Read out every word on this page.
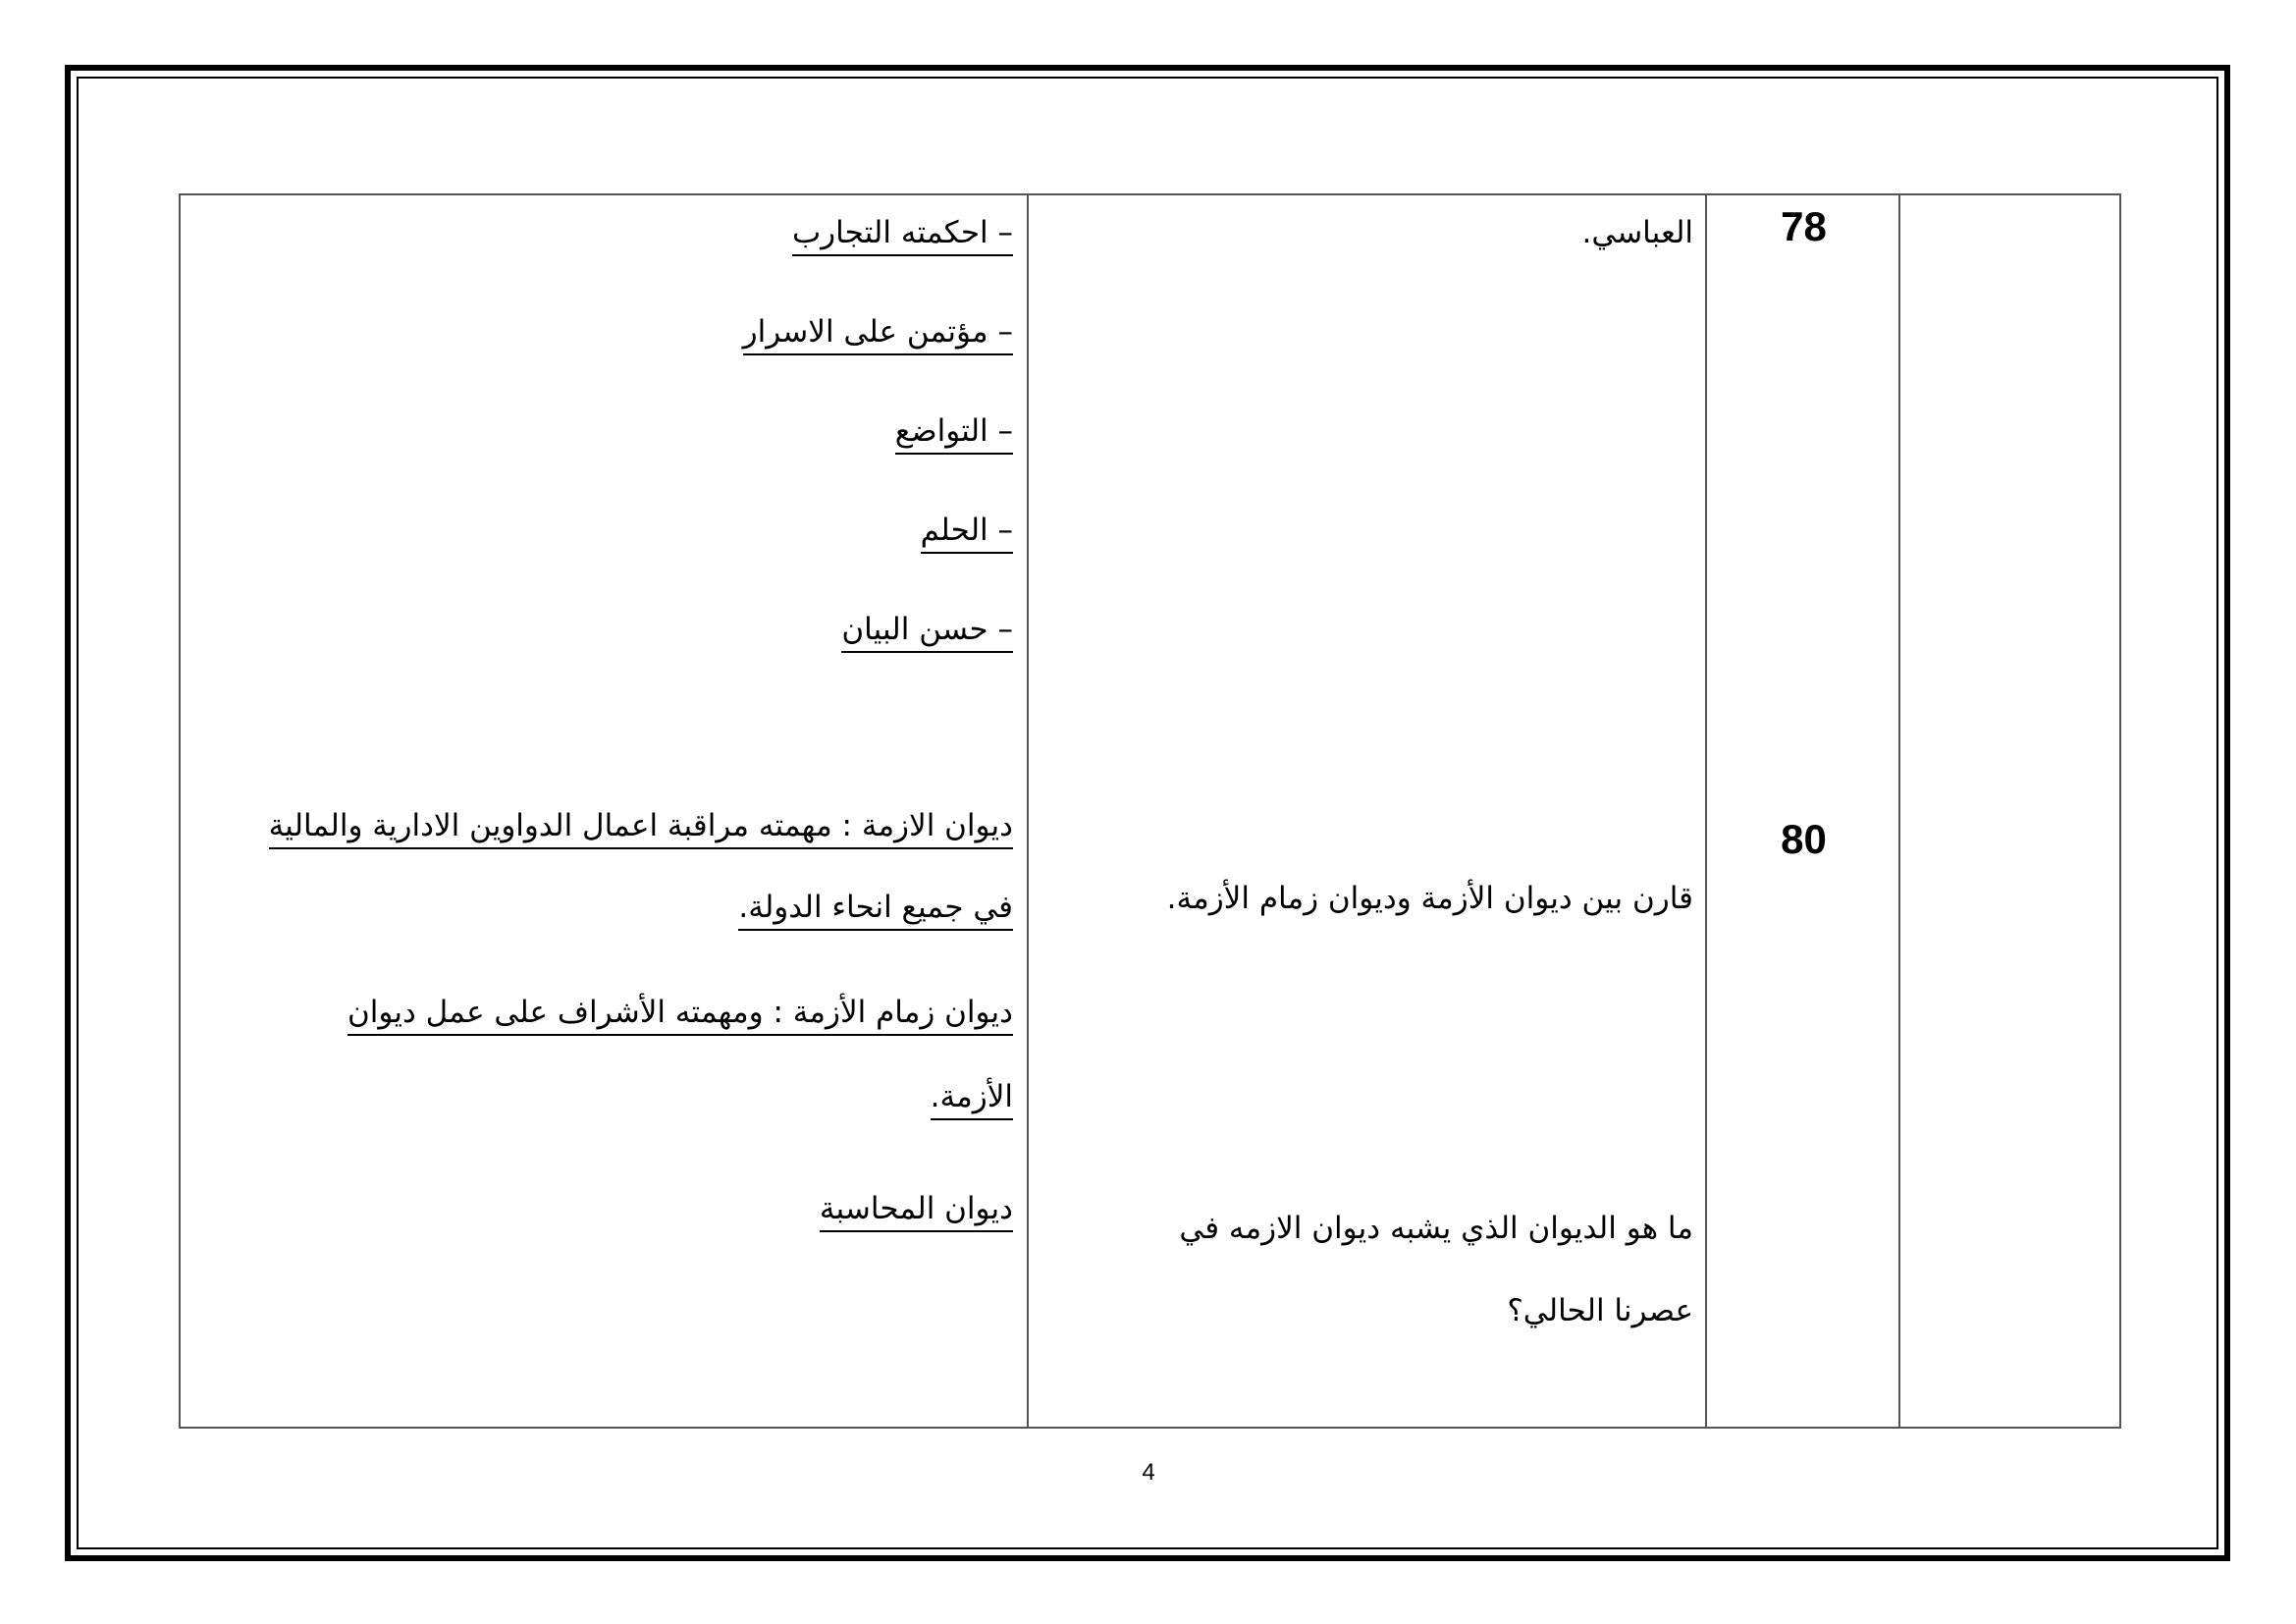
78
80
العباسي.
قارن بين ديوان الأزمة وديوان زمام الأزمة.
ما هو الديوان الذي يشبه ديوان الازمه في
عصرنا الحالي؟
– احكمته التجارب
– مؤتمن على الاسرار
– التواضع
– الحلم
– حسن البيان
ديوان الازمة : مهمته مراقبة اعمال الدواوين الادارية والمالية
في جميع انحاء الدولة.
ديوان زمام الأزمة : ومهمته الأشراف على عمل ديوان
الأزمة.
ديوان المحاسبة
4
